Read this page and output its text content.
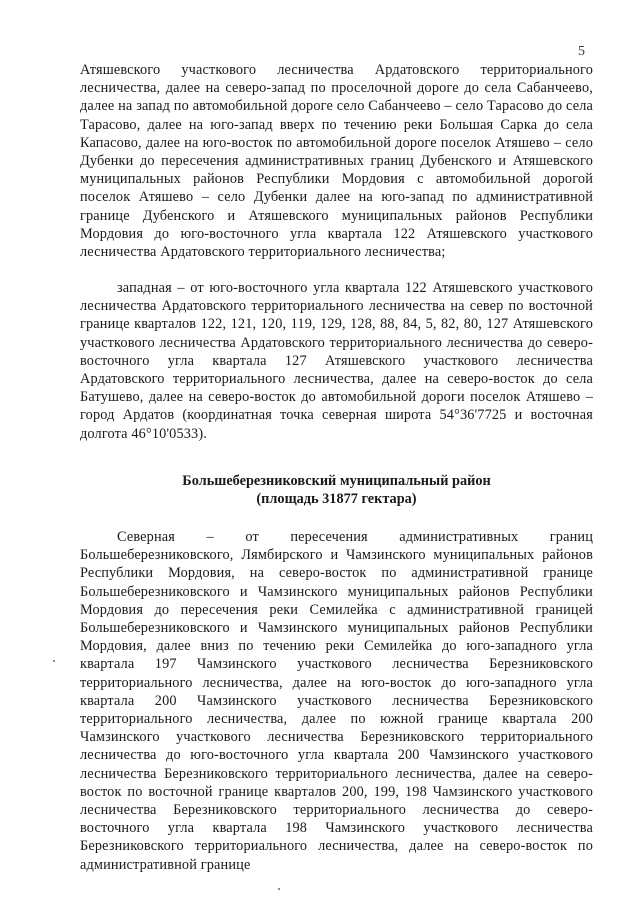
5
Атяшевского участкового лесничества Ардатовского территориального лесничества, далее на северо-запад по проселочной дороге до села Сабанчеево, далее на запад по автомобильной дороге село Сабанчеево – село Тарасово до села Тарасово, далее на юго-запад вверх по течению реки Большая Сарка до села Капасово, далее на юго-восток по автомобильной дороге поселок Атяшево – село Дубенки до пересечения административных границ Дубенского и Атяшевского муниципальных районов Республики Мордовия с автомобильной дорогой поселок Атяшево – село Дубенки далее на юго-запад по административной границе Дубенского и Атяшевского муниципальных районов Республики Мордовия до юго-восточного угла квартала 122 Атяшевского участкового лесничества Ардатовского территориального лесничества;
западная – от юго-восточного угла квартала 122 Атяшевского участкового лесничества Ардатовского территориального лесничества на север по восточной границе кварталов 122, 121, 120, 119, 129, 128, 88, 84, 5, 82, 80, 127 Атяшевского участкового лесничества Ардатовского территориального лесничества до северо-восточного угла квартала 127 Атяшевского участкового лесничества Ардатовского территориального лесничества, далее на северо-восток до села Батушево, далее на северо-восток до автомобильной дороги поселок Атяшево – город Ардатов (координатная точка северная широта 54°36'7725 и восточная долгота 46°10'0533).
Большеберезниковский муниципальный район
(площадь 31877 гектара)
Северная – от пересечения административных границ Большеберезниковского, Лямбирского и Чамзинского муниципальных районов Республики Мордовия, на северо-восток по административной границе Большеберезниковского и Чамзинского муниципальных районов Республики Мордовия до пересечения реки Семилейка с административной границей Большеберезниковского и Чамзинского муниципальных районов Республики Мордовия, далее вниз по течению реки Семилейка до юго-западного угла квартала 197 Чамзинского участкового лесничества Березниковского территориального лесничества, далее на юго-восток до юго-западного угла квартала 200 Чамзинского участкового лесничества Березниковского территориального лесничества, далее по южной границе квартала 200 Чамзинского участкового лесничества Березниковского территориального лесничества до юго-восточного угла квартала 200 Чамзинского участкового лесничества Березниковского территориального лесничества, далее на северо-восток по восточной границе кварталов 200, 199, 198 Чамзинского участкового лесничества Березниковского территориального лесничества до северо-восточного угла квартала 198 Чамзинского участкового лесничества Березниковского территориального лесничества, далее на северо-восток по административной границе
